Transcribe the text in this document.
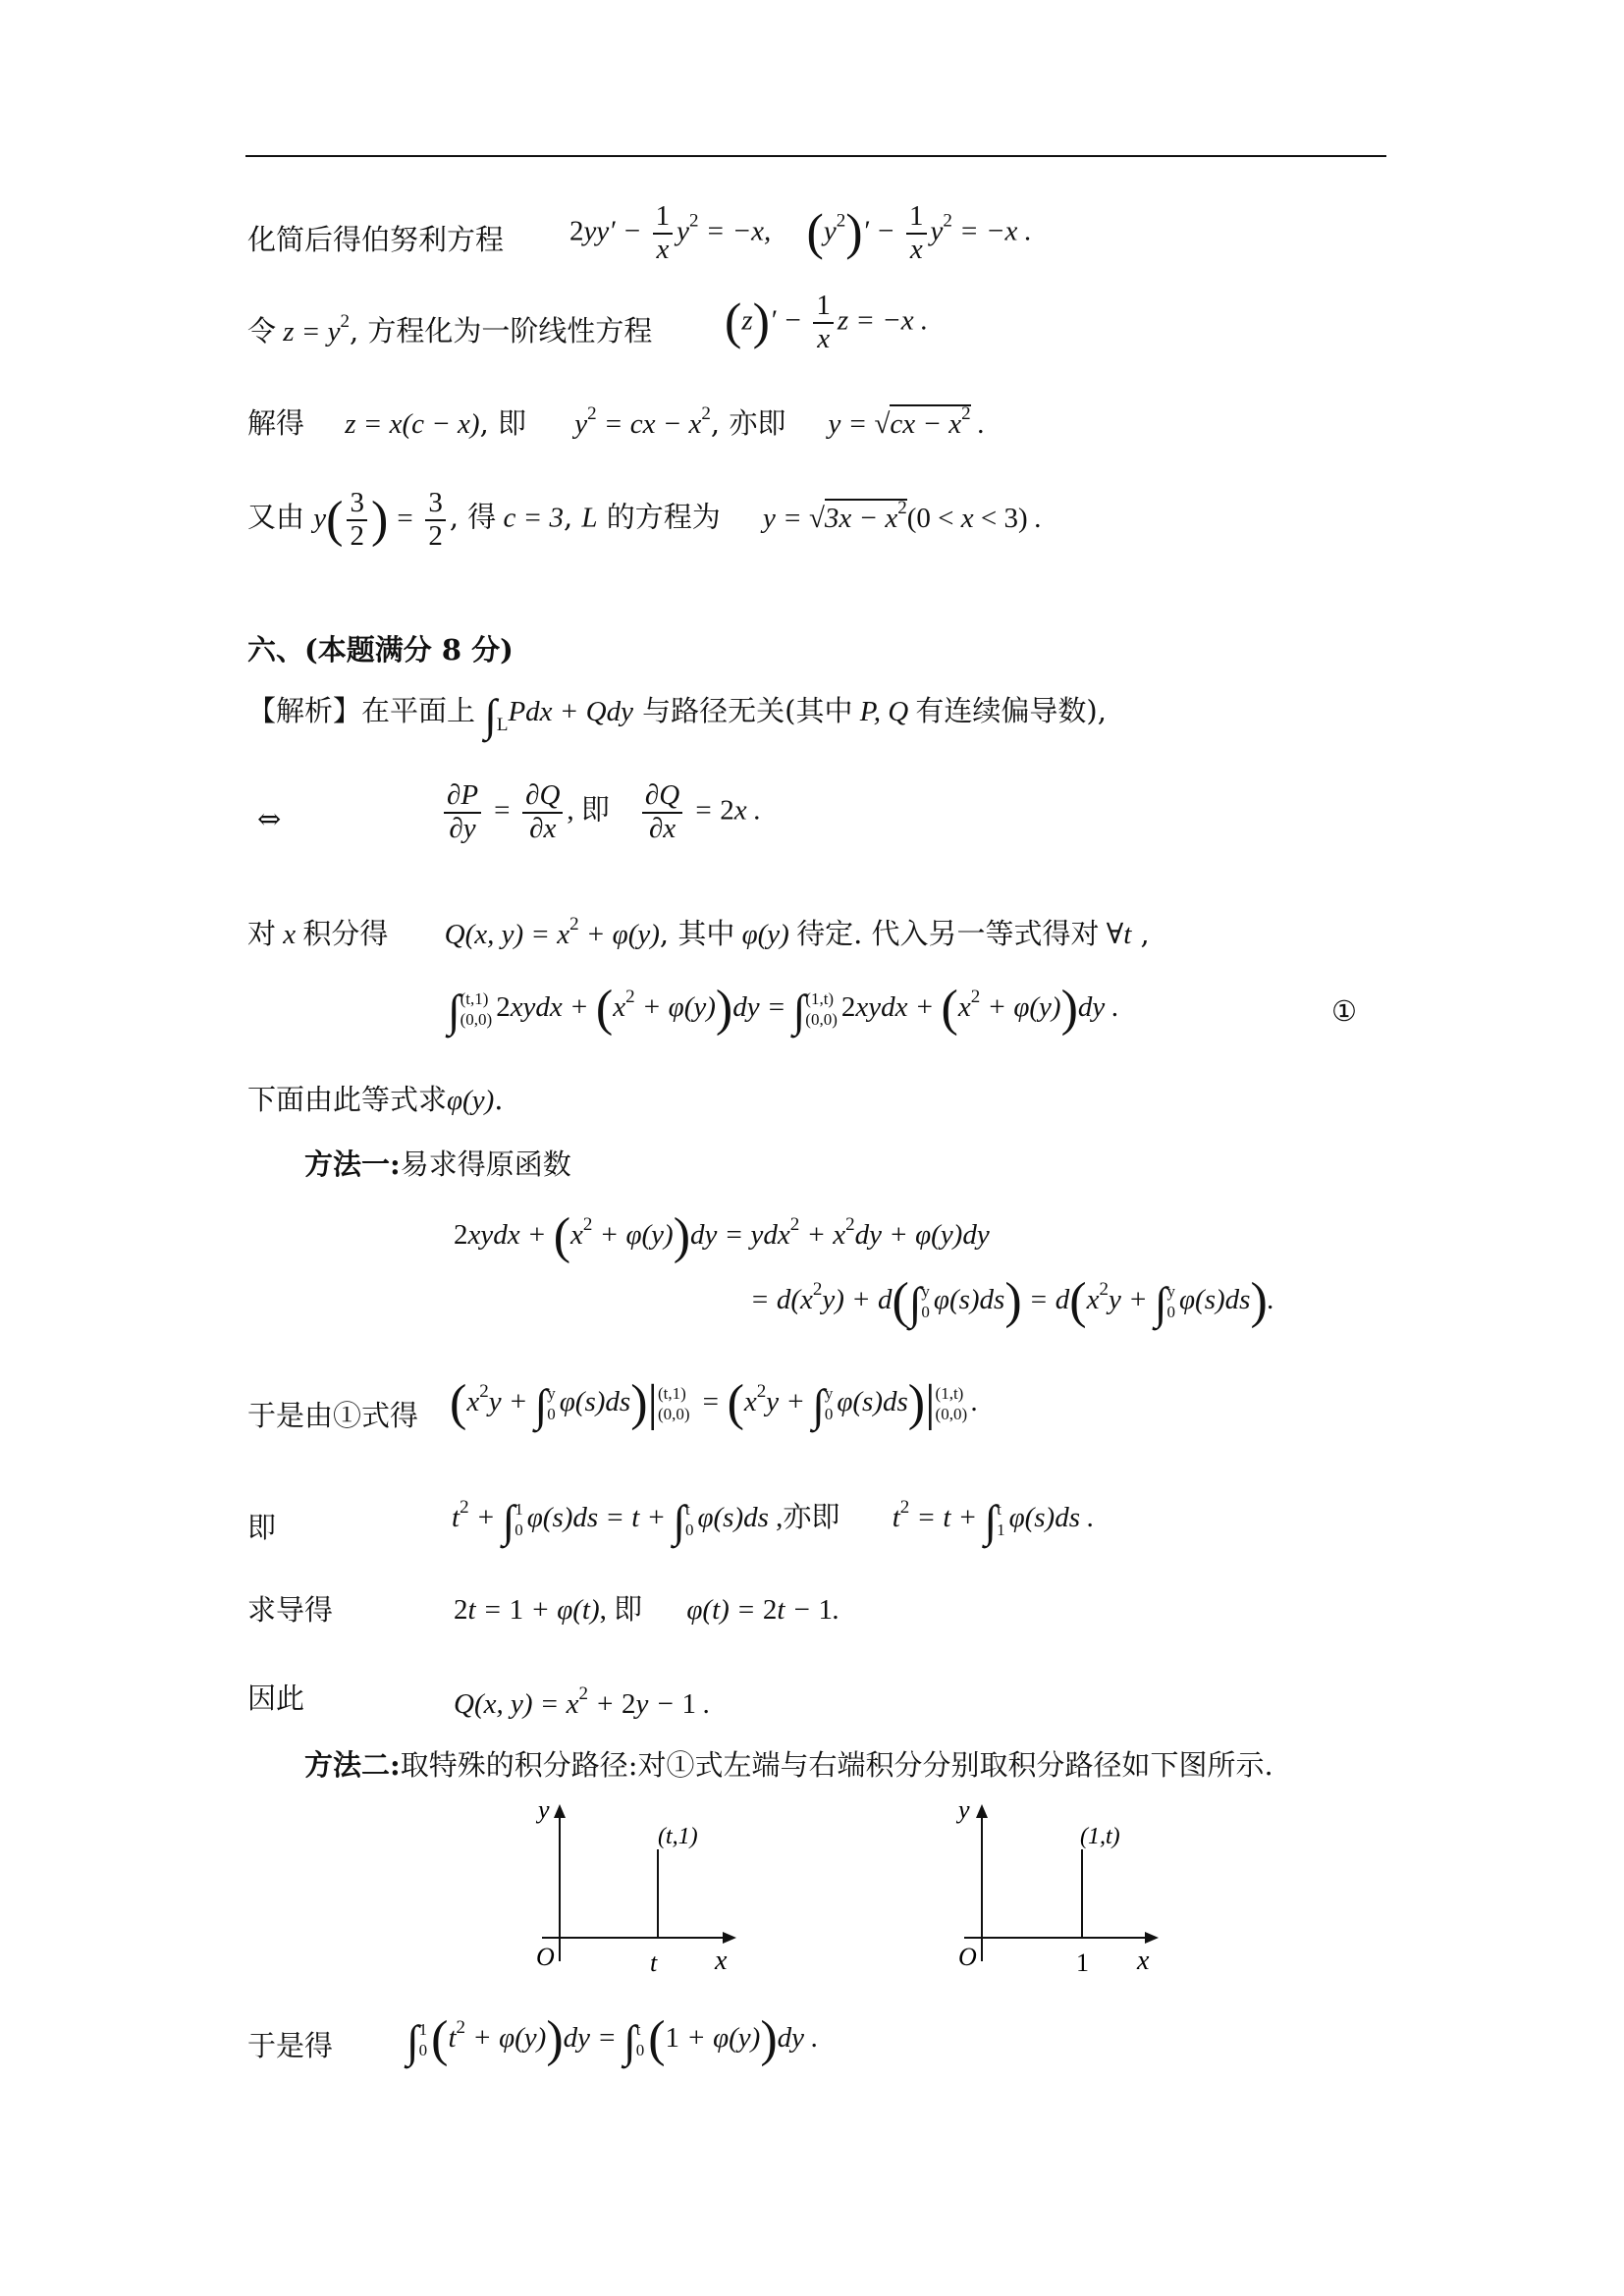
化简后得伯努利方程 $2yy' - \frac{1}{x} y^2 = -x$,     $(y^2)' - \frac{1}{x} y^2 = -x$ .
令 $z = y^2$, 方程化为一阶线性方程 $(z)' - \frac{1}{x}$ z = −x .
解得 z = x(c − x), 即 $y^2$ = cx − $x^2$, 亦即 $y = √cx - x^2$ .
又由 $y( \frac{3}{2}$ ) = $\frac{3}{2}$ , 得 c = 3, L 的方程为 $y = √3x - x^2(0 < x < 3)$ .
六、(本题满分 8 分)
【解析】在平面上 $\int_LPdx$ + Qdy 与路径无关(其中 P, Q 有连续偏导数),
⇔	$\frac{\partial P}{\partial y} = \frac{\partial Q}{\partial x}$ , 即 $\frac{\partial Q}{\partial x} = 2x$ .
对 x 积分得 Q(x, $y) = x^2 + \varphi(y)$, 其中 φ(y) 待定. 代入另一等式得对 ∀t ,
∫ (t,1)
(0,0) 2xydx + $(x^2 + \varphi(y))dy$ = ∫ (1,t)
(0,0) 2xydx + $(x^2 + \varphi(y))dy$ .	①
下面由此等式求φ(y).
方法一:易求得原函数
2xydx + $(x^2 + \varphi(y))dy = ydx^2 + x^2dy + \varphi(y)dy$
= $d(x^2y) + d(\int$ y
0 $\varphi(s)ds) = d(x^2y$ + ∫ y
0 φ(s)ds).
于是由①式得 ($x^2y$ + ∫ y
0 φ(s)ds)| (t,1)
$(0,0) = (x^2y$ + ∫ y
0 φ(s)ds)| (1,t)
(0,0) .
即	$t^2$ + ∫ 1
0 φ(s)ds = t + ∫ t
0 φ(s)ds ,亦即 $t^2 = t$ + ∫ t
1 φ(s)ds .
求导得	2t = 1 + φ(t), 即 φ(t) = 2t − 1.
因此	Q(x, $y) = x^2 + 2y - 1$ .
方法二:取特殊的积分路径:对①式左端与右端积分分别取积分路径如下图所示.
y
O	t x
(t,1)
y
O	1 x
(1,t)
于是得 ∫ 1
0 $(t^2 + \varphi(y))dy$ = ∫ t
0 (1 + φ(y))dy .
